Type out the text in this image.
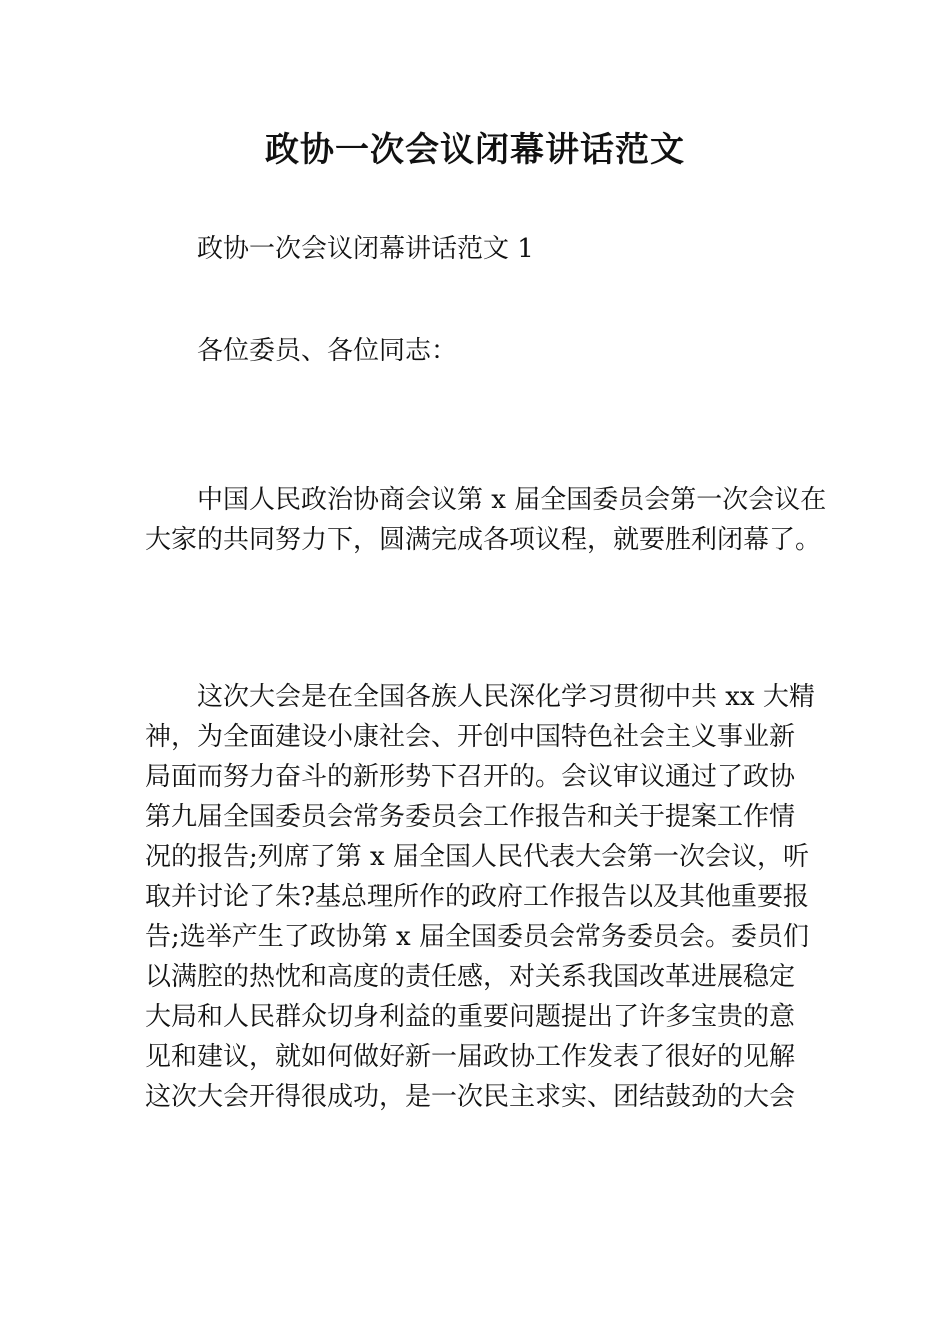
政协一次会议闭幕讲话范文
政协一次会议闭幕讲话范文 1
各位委员、各位同志：
中国人民政治协商会议第 x 届全国委员会第一次会议在
大家的共同努力下，圆满完成各项议程，就要胜利闭幕了。
这次大会是在全国各族人民深化学习贯彻中共 xx 大精
神，为全面建设小康社会、开创中国特色社会主义事业新
局面而努力奋斗的新形势下召开的。会议审议通过了政协
第九届全国委员会常务委员会工作报告和关于提案工作情
况的报告;列席了第 x 届全国人民代表大会第一次会议，听
取并讨论了朱?基总理所作的政府工作报告以及其他重要报
告;选举产生了政协第 x 届全国委员会常务委员会。委员们
以满腔的热忱和高度的责任感，对关系我国改革进展稳定
大局和人民群众切身利益的重要问题提出了许多宝贵的意
见和建议，就如何做好新一届政协工作发表了很好的见解
这次大会开得很成功，是一次民主求实、团结鼓劲的大会
